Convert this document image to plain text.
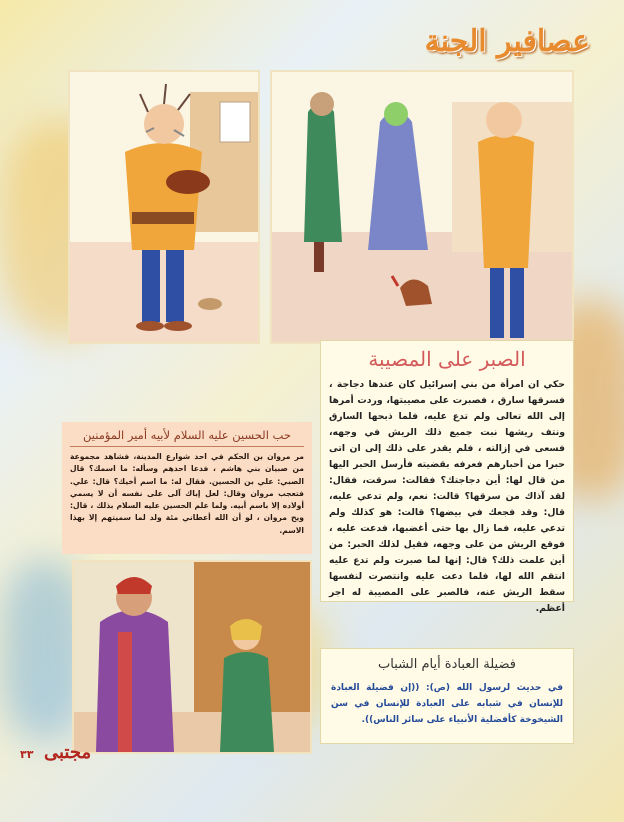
عصافير الجنة
الصبر على المصيبة

حكي ان امرأة من بني إسرائيل كان عندها دجاجة ، فسرقها سارق ، فصبرت على مصيبتها، وردت أمرها إلى الله تعالى ولم تدع عليه، فلما ذبحها السارق ونتف ريشها نبت جميع ذلك الريش في وجهه، فسعى في إزالته ، فلم يقدر على ذلك إلى ان اتى حبرا من أحبارهم فعرفه بقضيته فأرسل الحبر اليها من قال لها: أين دجاجتك؟ فقالت: سرقت، فقال: لقد آذاك من سرقها؟ قالت: نعم، ولم تدعي عليه، قال: وقد فجعك في بيضها؟ قالت: هو كذلك ولم تدعي عليه، فما زال بها حتى أغضبها، فدعت عليه ، فوقع الريش من على وجهه، فقيل لذلك الحبر: من أين علمت ذلك؟ قال: إنها لما صبرت ولم تدع عليه انتقم الله لها، فلما دعت عليه وانتصرت لنفسها سقط الريش عنه، فالصبر على المصيبة له اجر أعظم.

حب الحسين عليه السلام لأبيه أمير المؤمنين

مر مروان بن الحكم في احد شوارع المدينة، فشاهد مجموعة من صبيان بني هاشم ، فدعا احدهم وسأله: ما اسمك؟ قال الصبي: علي بن الحسين. فقال له: ما اسم أخيك؟ قال: علي. فتعجب مروان وقال: لعل إباك آلى على نفسه أن لا يسمي أولاده إلا باسم أبيه. ولما علم الحسين عليه السلام بذلك ، قال: ويح مروان ، لو أن الله أعطاني مئة ولد لما سميتهم إلا بهذا الاسم.

فضيلة العبادة أيام الشباب

في حديث لرسول الله (ص): ((إن فضيلة العبادة للإنسان في شبابه على العبادة للإنسان في سن الشيخوخة كأفضلية الأنبياء على سائر الناس)).

مجتبى
٣٣
